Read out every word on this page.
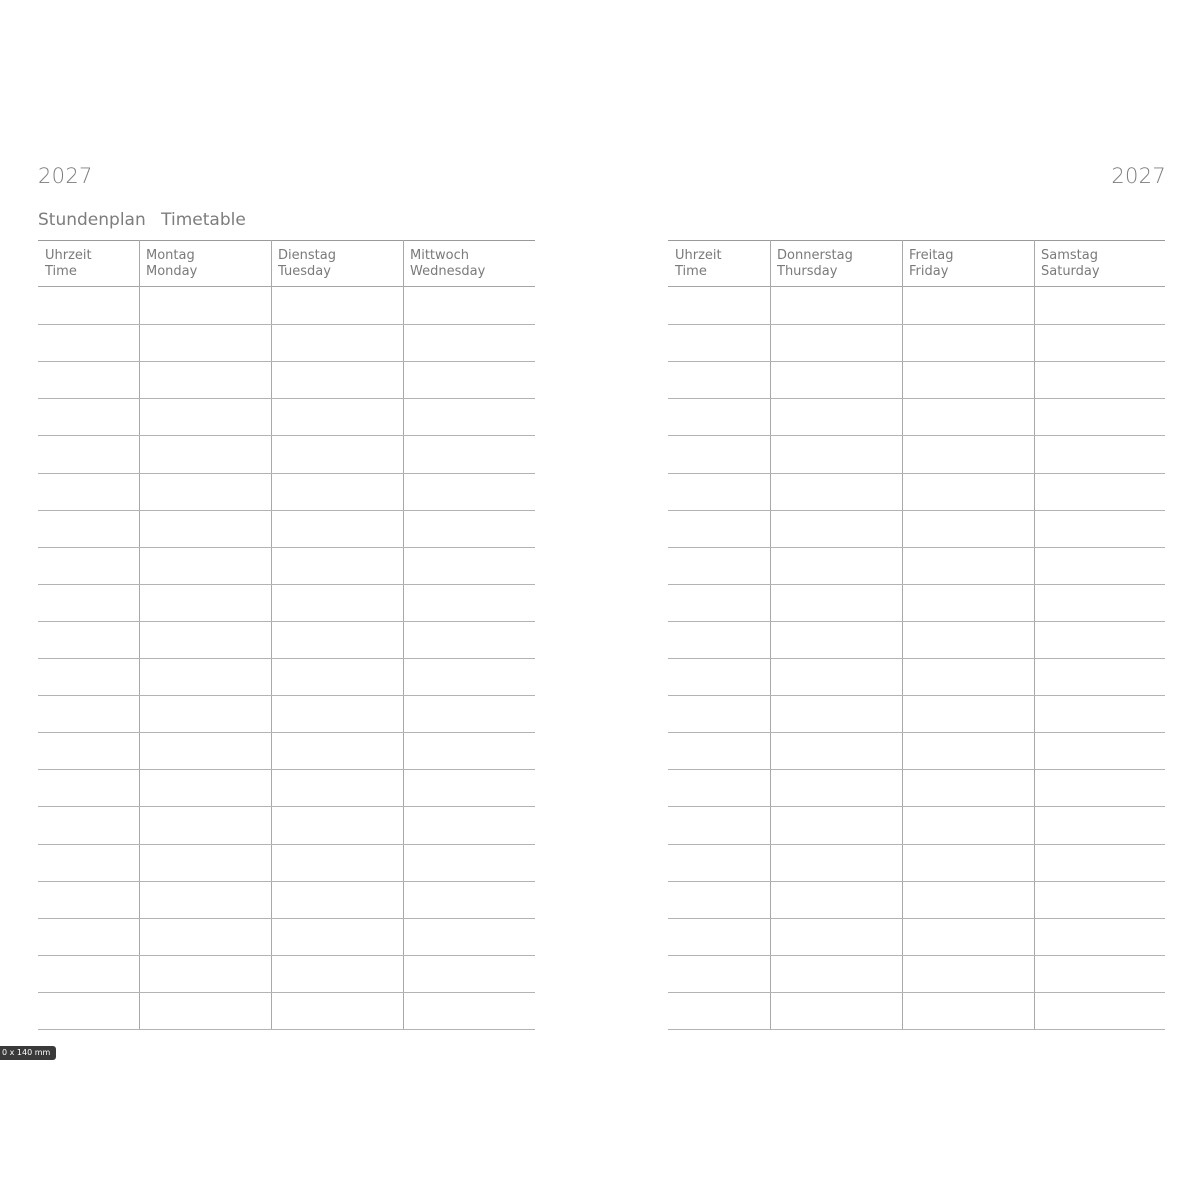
2027	2027
Stundenplan Timetable
Uhrzeit
Time
Montag
Monday
Dienstag
Tuesday
Mittwoch
Wednesday
Uhrzeit
Time
Donnerstag
Thursday
Freitag
Friday
Samstag
Saturday
0 x 140 mm
